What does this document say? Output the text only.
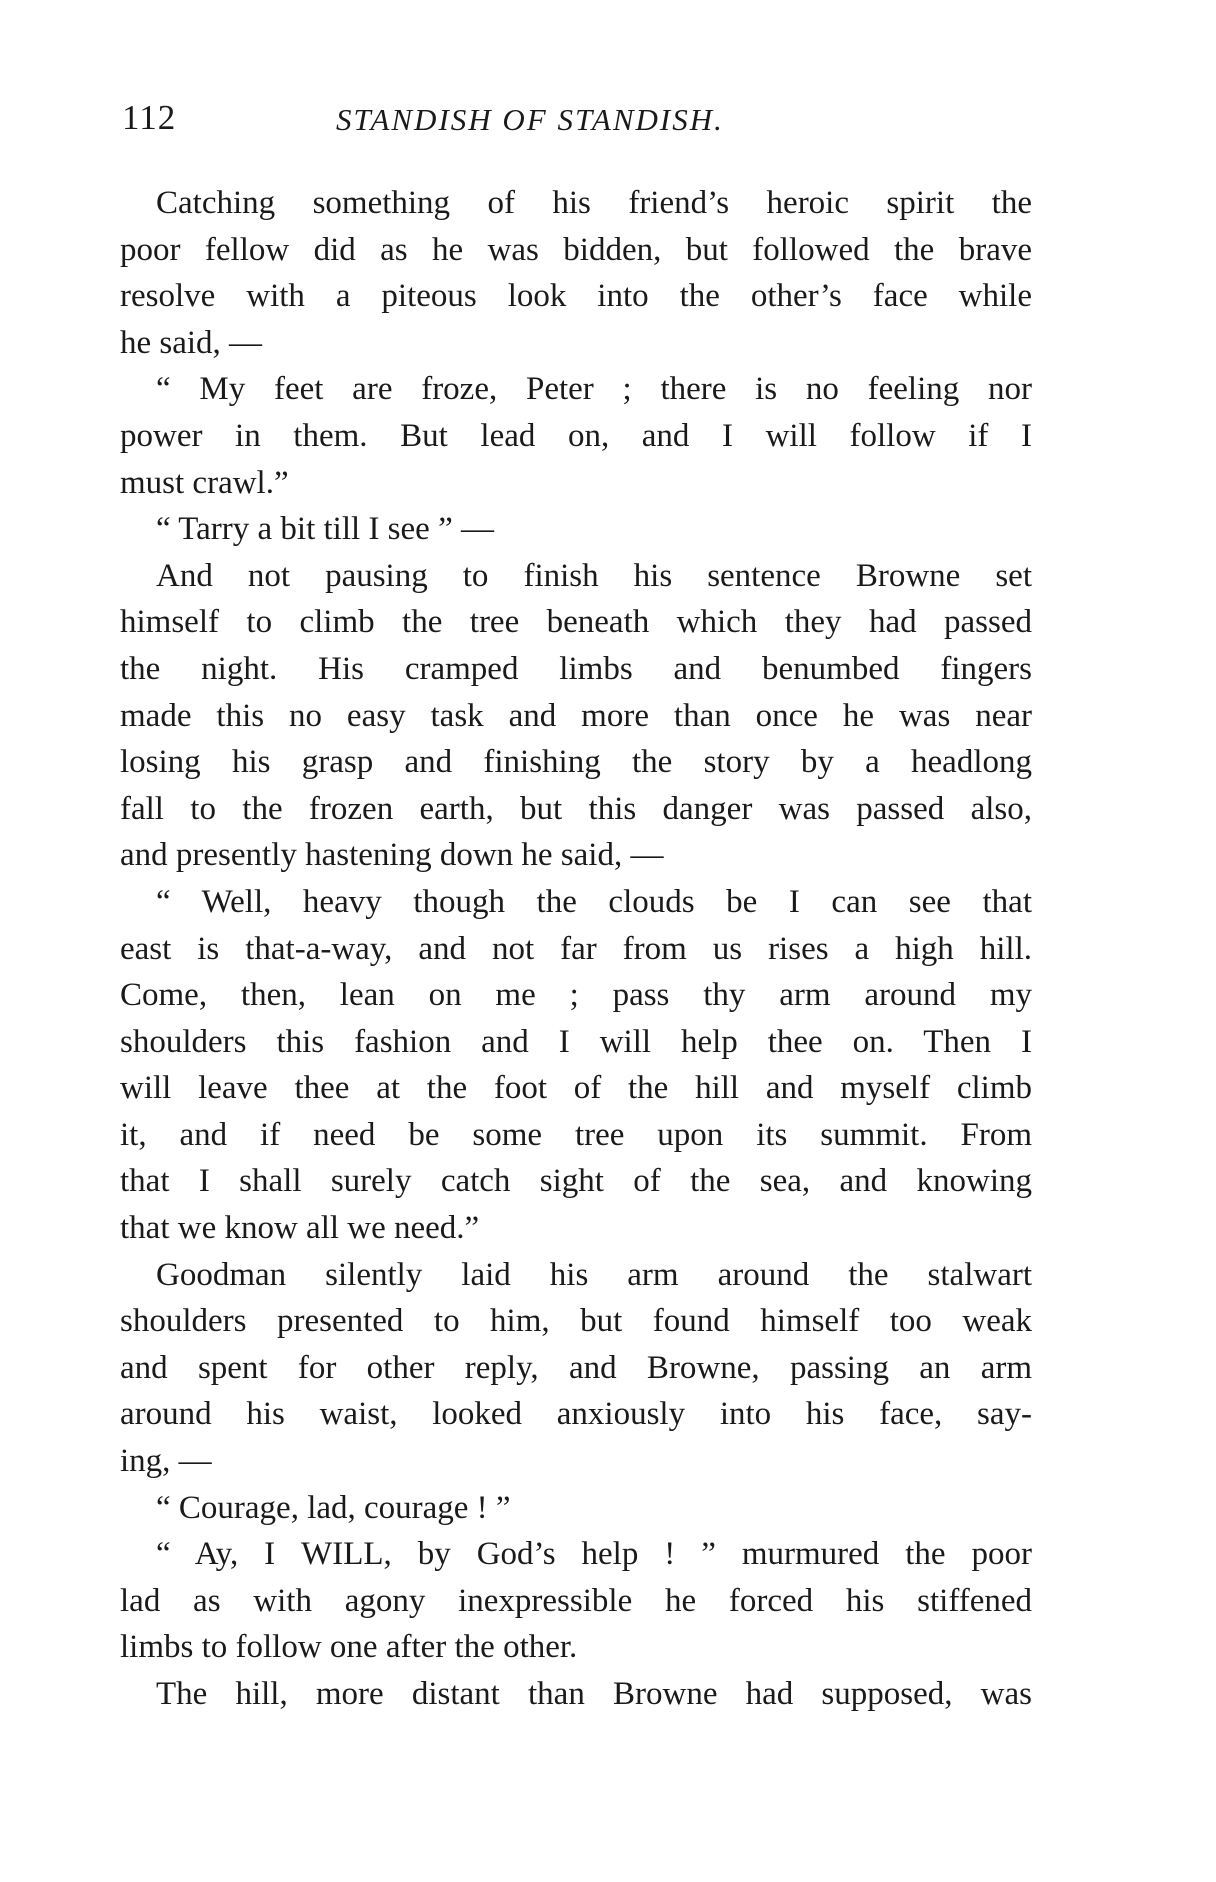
112	STANDISH OF STANDISH.
Catching something of his friend’s heroic spirit the
poor fellow did as he was bidden, but followed the brave
resolve with a piteous look into the other’s face while
he said, —
“ My feet are froze, Peter ; there is no feeling nor
power in them. But lead on, and I will follow if I
must crawl.”
“ Tarry a bit till I see ” —
And not pausing to finish his sentence Browne set
himself to climb the tree beneath which they had passed
the night. His cramped limbs and benumbed fingers
made this no easy task and more than once he was near
losing his grasp and finishing the story by a headlong
fall to the frozen earth, but this danger was passed also,
and presently hastening down he said, —
“ Well, heavy though the clouds be I can see that
east is that-a-way, and not far from us rises a high hill.
Come, then, lean on me ; pass thy arm around my
shoulders this fashion and I will help thee on. Then I
will leave thee at the foot of the hill and myself climb
it, and if need be some tree upon its summit. From
that I shall surely catch sight of the sea, and knowing
that we know all we need.”
Goodman silently laid his arm around the stalwart
shoulders presented to him, but found himself too weak
and spent for other reply, and Browne, passing an arm
around his waist, looked anxiously into his face, say-
ing, —
“ Courage, lad, courage ! ”
“ Ay, I WILL, by God’s help ! ” murmured the poor
lad as with agony inexpressible he forced his stiffened
limbs to follow one after the other.
The hill, more distant than Browne had supposed, was
